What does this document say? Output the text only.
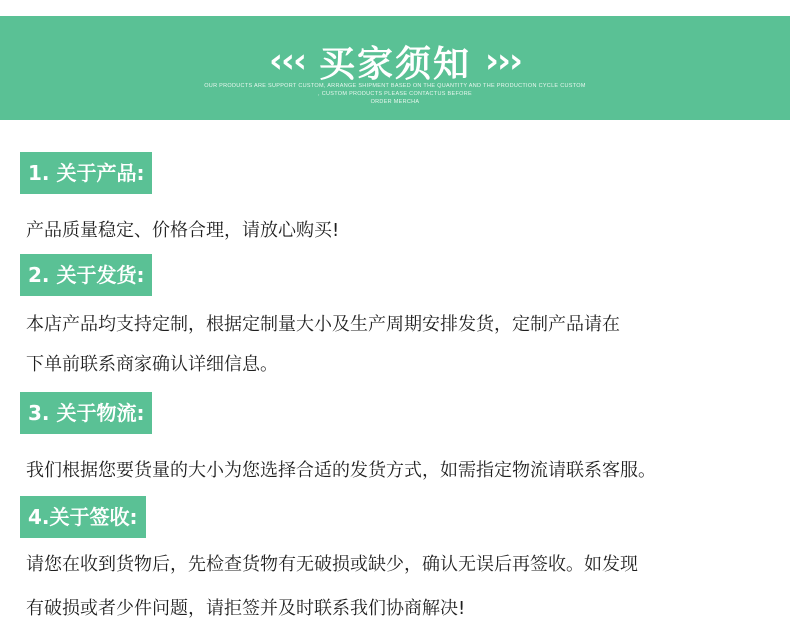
‹‹‹ 买家须知 ›››
OUR PRODUCTS ARE SUPPORT CUSTOM, ARRANGE SHIPMENT BASED ON THE QUANTITY AND THE PRODUCTION CYCLE CUSTOM
, CUSTOM PRODUCTS PLEASE CONTACTUS BEFORE
ORDER MERCHA
1. 关于产品:
产品质量稳定、价格合理，请放心购买!
2. 关于发货:
本店产品均支持定制，根据定制量大小及生产周期安排发货，定制产品请在
下单前联系商家确认详细信息。
3. 关于物流:
我们根据您要货量的大小为您选择合适的发货方式，如需指定物流请联系客服。
4.关于签收:
请您在收到货物后，先检查货物有无破损或缺少，确认无误后再签收。如发现
有破损或者少件问题，请拒签并及时联系我们协商解决!
